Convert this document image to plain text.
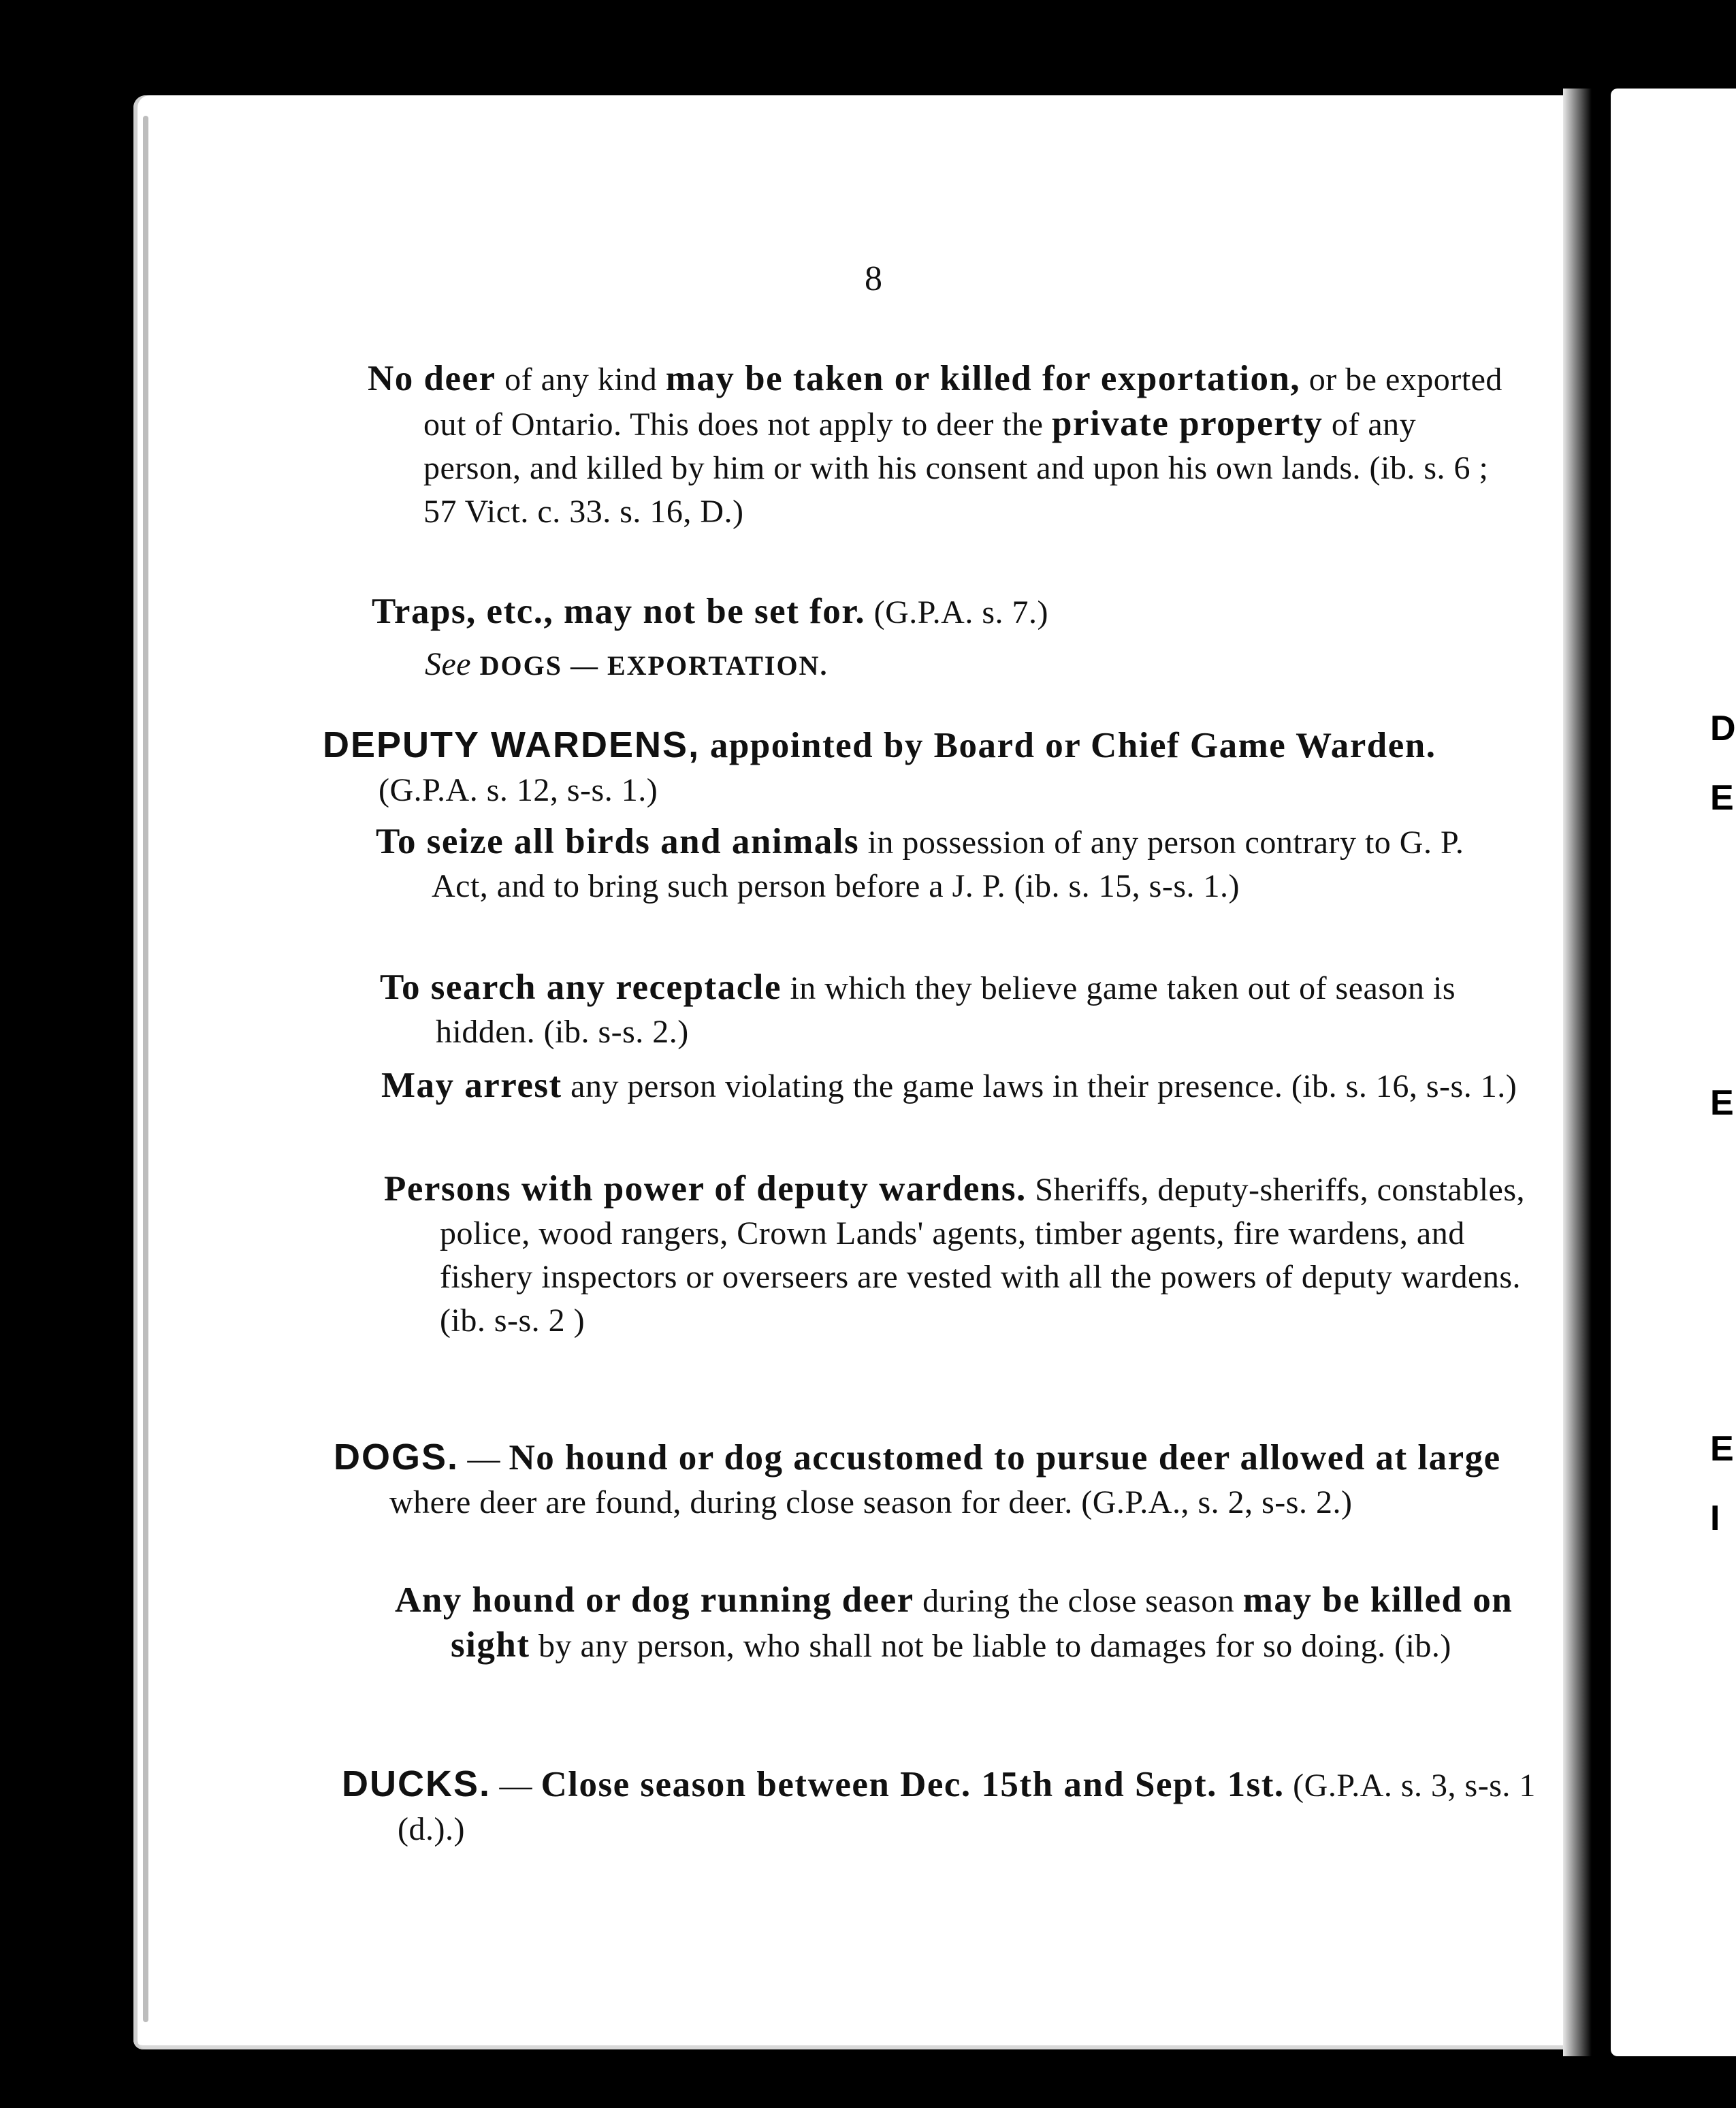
D
E
E
E
I
8
No deer of any kind may be taken or killed for exportation, or be exported out of Ontario. This does not apply to deer the private property of any person, and killed by him or with his consent and upon his own lands. (ib. s. 6 ; 57 Vict. c. 33. s. 16, D.)
Traps, etc., may not be set for. (G.P.A. s. 7.)
See DOGS — EXPORTATION.
DEPUTY WARDENS, appointed by Board or Chief Game Warden. (G.P.A. s. 12, s-s. 1.)
To seize all birds and animals in possession of any person contrary to G. P. Act, and to bring such person before a J. P. (ib. s. 15, s-s. 1.)
To search any receptacle in which they believe game taken out of season is hidden. (ib. s-s. 2.)
May arrest any person violating the game laws in their presence. (ib. s. 16, s-s. 1.)
Persons with power of deputy wardens. Sheriffs, deputy-sheriffs, constables, police, wood rangers, Crown Lands' agents, timber agents, fire wardens, and fishery inspectors or overseers are vested with all the powers of deputy wardens. (ib. s-s. 2 )
DOGS. — No hound or dog accustomed to pursue deer allowed at large where deer are found, during close season for deer. (G.P.A., s. 2, s-s. 2.)
Any hound or dog running deer during the close season may be killed on sight by any person, who shall not be liable to damages for so doing. (ib.)
DUCKS. — Close season between Dec. 15th and Sept. 1st. (G.P.A. s. 3, s-s. 1 (d.).)
